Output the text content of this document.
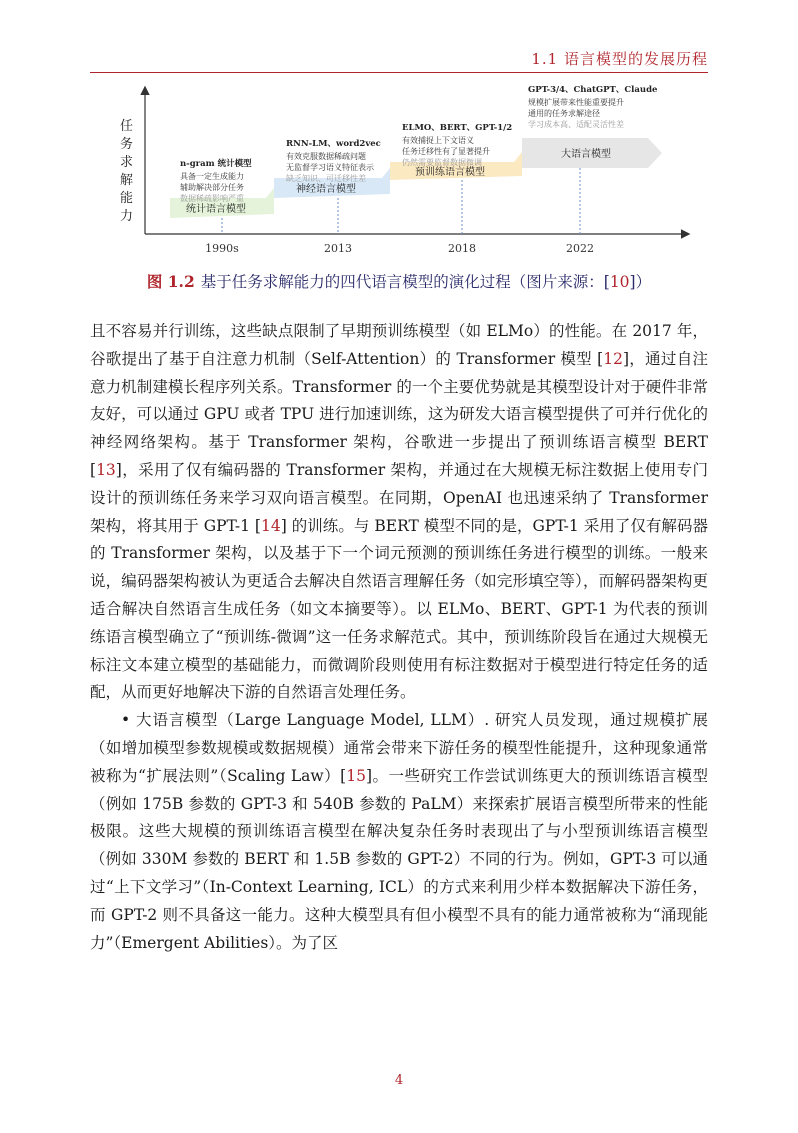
1.1 语言模型的发展历程
任
务
求
解
能
力	统计语言模型
神经语言模型
预训练语言模型
大语言模型
1990s	2013	2018	2022
n-gram 统计模型
具备一定生成能力
辅助解决部分任务
数据稀疏影响严重
RNN-LM、word2vec
有效克服数据稀疏问题
无监督学习语义特征表示
缺乏知识、可迁移性差
ELMO、BERT、GPT-1/2
有效捕捉上下文语义
任务迁移性有了显著提升
仍然需要监督数据微调
GPT-3/4、ChatGPT、Claude
规模扩展带来性能重要提升
通用的任务求解途径
学习成本高、适配灵活性差
图 1.2 基于任务求解能力的四代语言模型的演化过程（图片来源：[10]）

且不容易并行训练，这些缺点限制了早期预训练模型（如 ELMo）的性能。在 2017 年，谷歌提出了基于自注意力机制（Self-Attention）的 Transformer 模型 [12]，通过自注意力机制建模长程序列关系。Transformer 的一个主要优势就是其模型设计对于硬件非常友好，可以通过 GPU 或者 TPU 进行加速训练，这为研发大语言模型提供了可并行优化的神经网络架构。基于 Transformer 架构，谷歌进一步提出了预训练语言模型 BERT [13]，采用了仅有编码器的 Transformer 架构，并通过在大规模无标注数据上使用专门设计的预训练任务来学习双向语言模型。在同期，OpenAI 也迅速采纳了 Transformer 架构，将其用于 GPT-1 [14] 的训练。与 BERT 模型不同的是，GPT-1 采用了仅有解码器的 Transformer 架构，以及基于下一个词元预测的预训练任务进行模型的训练。一般来说，编码器架构被认为更适合去解决自然语言理解任务（如完形填空等），而解码器架构更适合解决自然语言生成任务（如文本摘要等）。以 ELMo、BERT、GPT-1 为代表的预训练语言模型确立了“预训练-微调”这一任务求解范式。其中，预训练阶段旨在通过大规模无标注文本建立模型的基础能力，而微调阶段则使用有标注数据对于模型进行特定任务的适配，从而更好地解决下游的自然语言处理任务。

• 大语言模型（Large Language Model, LLM）. 研究人员发现，通过规模扩展（如增加模型参数规模或数据规模）通常会带来下游任务的模型性能提升，这种现象通常被称为“扩展法则”（Scaling Law）[15]。一些研究工作尝试训练更大的预训练语言模型（例如 175B 参数的 GPT-3 和 540B 参数的 PaLM）来探索扩展语言模型所带来的性能极限。这些大规模的预训练语言模型在解决复杂任务时表现出了与小型预训练语言模型（例如 330M 参数的 BERT 和 1.5B 参数的 GPT-2）不同的行为。例如，GPT-3 可以通过“上下文学习”（In-Context Learning, ICL）的方式来利用少样本数据解决下游任务，而 GPT-2 则不具备这一能力。这种大模型具有但小模型不具有的能力通常被称为“涌现能力”（Emergent Abilities）。为了区

4
